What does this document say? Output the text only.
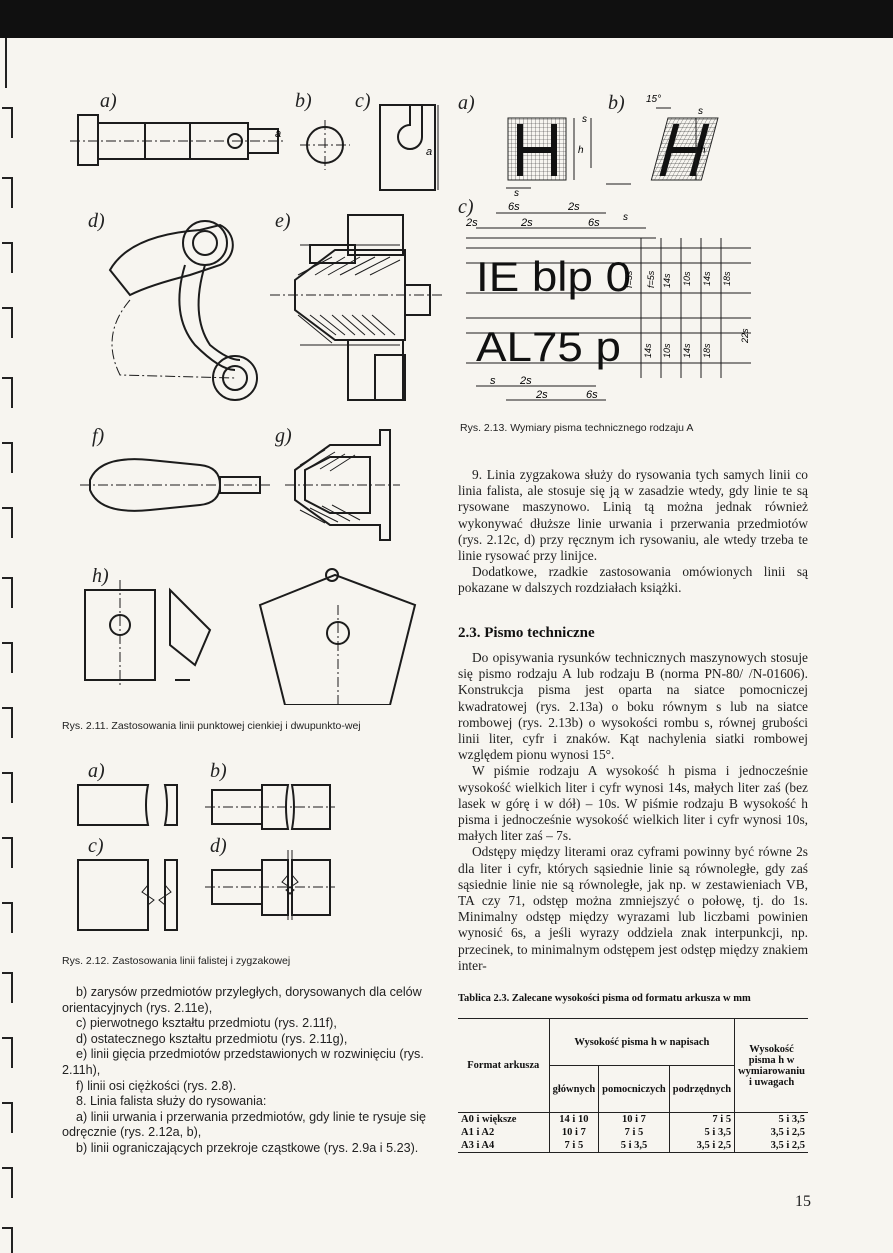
a)	b) c)
d)	e)
f)	g)
h)
a
a
Rys. 2.11. Zastosowania linii punktowej cienkiej i dwupunkto-wej
a)	b)
c)	d)
Rys. 2.12. Zastosowania linii falistej i zygzakowej
a)	b)
c)
s
h
15°
s
h
s
6s	2s
2s	6s
2s	s
IE blp 0
AL75 p
f=5s f=5s 14s 10s 14s 18s
22s
14s 10s 14s 18s
s 2s
2s	6s
Rys. 2.13. Wymiary pisma technicznego rodzaju A

9. Linia zygzakowa służy do rysowania tych samych linii co linia falista, ale stosuje się ją w zasadzie wtedy, gdy linie te są rysowane maszynowo. Linią tą można jednak również wykonywać dłuższe linie urwania i przerwania przedmiotów (rys. 2.12c, d) przy ręcznym ich rysowaniu, ale wtedy trzeba te linie rysować przy linijce.

Dodatkowe, rzadkie zastosowania omówionych linii są pokazane w dalszych rozdziałach książki.

2.3. Pismo techniczne

Do opisywania rysunków technicznych maszynowych stosuje się pismo rodzaju A lub rodzaju B (norma PN-80/ /N-01606). Konstrukcja pisma jest oparta na siatce pomocniczej kwadratowej (rys. 2.13a) o boku równym s lub na siatce rombowej (rys. 2.13b) o wysokości rombu s, równej grubości linii liter, cyfr i znaków. Kąt nachylenia siatki rombowej względem pionu wynosi 15°.

W piśmie rodzaju A wysokość h pisma i jednocześnie wysokość wielkich liter i cyfr wynosi 14s, małych liter zaś (bez lasek w górę i w dół) – 10s. W piśmie rodzaju B wysokość h pisma i jednocześnie wysokość wielkich liter i cyfr wynosi 10s, małych liter zaś – 7s.

Odstępy między literami oraz cyframi powinny być równe 2s dla liter i cyfr, których sąsiednie linie są równoległe, gdy zaś sąsiednie linie nie są równoległe, jak np. w zestawieniach VB, TA czy 71, odstęp można zmniejszyć o połowę, tj. do 1s. Minimalny odstęp między wyrazami lub liczbami powinien wynosić 6s, a jeśli wyrazy oddziela znak interpunkcji, np. przecinek, to minimalnym odstępem jest odstęp między znakiem inter-

b) zarysów przedmiotów przyległych, dorysowanych dla celów orientacyjnych (rys. 2.11e),

c) pierwotnego kształtu przedmiotu (rys. 2.11f),

d) ostatecznego kształtu przedmiotu (rys. 2.11g),

e) linii gięcia przedmiotów przedstawionych w rozwinięciu (rys. 2.11h),

f) linii osi ciężkości (rys. 2.8).

8. Linia falista służy do rysowania:

a) linii urwania i przerwania przedmiotów, gdy linie te rysuje się odręcznie (rys. 2.12a, b),

b) linii ograniczających przekroje cząstkowe (rys. 2.9a i 5.23).

Tablica 2.3. Zalecane wysokości pisma od formatu arkusza w mm
Format arkusza	Wysokość pisma h w napisach			Wysokość pisma h w wymiarowaniu i uwagach
	głównych	pomocniczych	podrzędnych	
A0 i większe	14 i 10	10 i 7	7 i 5	5 i 3,5
A1 i A2	10 i 7	7 i 5	5 i 3,5	3,5 i 2,5
A3 i A4	7 i 5	5 i 3,5	3,5 i 2,5	3,5 i 2,5
15
